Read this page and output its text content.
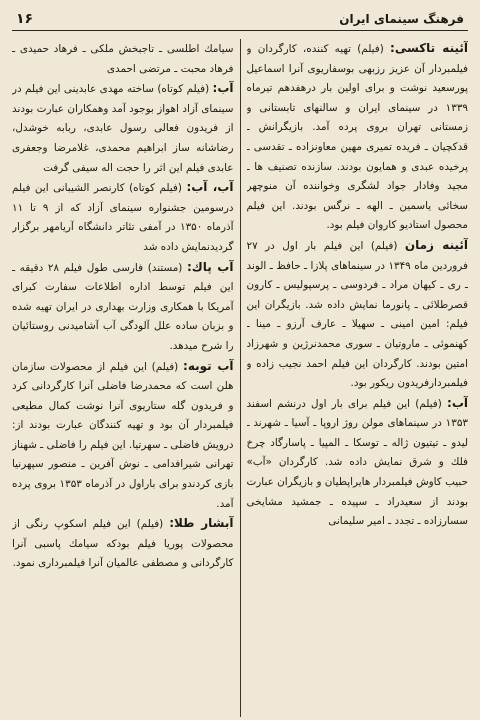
فرهنگ سینمای ایران
۱۶

آئینه تاکسی: (فیلم) تهیه کننده، کارگردان و فیلمبردار آن عزیز رزبهی بوسفاریوی آنرا اسماعیل پورسعید نوشت و برای اولین بار درهفدهم تیرماه ۱۳۳۹ در سینمای ایران و سالنهای تابستانی و زمستانی تهران بروی پرده آمد. بازیگرانش ـ قدکچیان ـ فریده تمیری مهین معاونزاده ـ تقدسی ـ پرخیده عبدی و همایون بودند. سازنده تصنیف ها ـ مجید وفادار جواد لشگری وخواننده آن منوچهر سخائی یاسمین ـ الهه ـ نرگس بودند. این فیلم محصول استادیو کاروان فیلم بود.

آئینه زمان (فیلم) این فیلم بار اول در ۲۷ فروردین ماه ۱۳۴۹ در سینماهای پلازا ـ حافظ ـ الوند ـ ری ـ کیهان مراد ـ فردوسی ـ پرسپولیس ـ کارون قصرطلائی ـ پانورما نمایش داده شد. بازیگران این فیلم: امین امینی ـ سهیلا ـ عارف آرزو ـ مینا ـ کهنموئی ـ ماروتیان ـ سوری محمدنرژین و شهرزاد امتین بودند. کارگردان این فیلم احمد نجیب زاده و فیلمبردارفریدون ریکور بود.

آب: (فیلم) این فیلم برای بار اول درنشم اسفند ۱۳۵۳ در سینماهای مولن روژ اروپا ـ آسیا ـ شهرند ـ لیدو ـ تیتیون ژاله ـ توسکا ـ المپیا ـ پاسارگاد چرخ فلك و شرق نمایش داده شد. کارگردان «آب» حبیب کاوش فیلمبردار هایراپطیان و بازیگران عبارت بودند از سعیدراد ـ سپیده ـ جمشید مشایخی سسارزاده ـ تجدد ـ امیر سلیمانی

سیامك اطلسی ـ تاجبخش ملکی ـ فرهاد حمیدی ـ فرهاد محبت ـ مرتضی احمدی

آب: (فیلم کوتاه) ساخته مهدی عابدینی این فیلم در سینمای آزاد اهواز بوجود آمد وهمکاران عبارت بودند از فریدون فعالی رسول عابدی، ربابه خوشدل، رضاشانه ساز ابراهیم محمدی، غلامرضا وجعفری عابدی فیلم این اثر را حجت اله سیفی گرفت

آب، آب: (فیلم کوتاه) کارنصر الشیبانی این فیلم درسومین جشنواره سینمای آزاد که از ۹ تا ۱۱ آذرماه ۱۳۵۰ در آمفی تئاتر دانشگاه آریامهر برگزار گردیدنمایش داده شد

آب پاك: (مستند) فارسی طول فیلم ۲۸ دقیقه ـ این فیلم توسط اداره اطلاعات سفارت کبرای آمریکا با همکاری وزارت بهداری در ایران تهیه شده و بزبان ساده علل آلودگی آب آشامیدنی روستائیان را شرح میدهد.

آب توبه: (فیلم) این فیلم از محصولات سازمان هلن است که محمدرضا فاضلی آنرا کارگردانی کرد و فریدون گله ستاریوی آنرا نوشت کمال مطیعی فیلمبردار آن بود و تهیه کنندگان عبارت بودند از: درویش فاضلی ـ سهرتیا. این فیلم را فاضلی ـ شهناز تهرانی شیرافدامی ـ نوش آفرین ـ منصور سپهرنیا بازی کردندو برای باراول در آذرماه ۱۳۵۳ بروی پرده آمد.

آبشار طلا: (فیلم) این فیلم اسکوپ رنگی از محصولات پوریا فیلم بودکه سیامك پاسبی آنرا کارگردانی و مصطفی عالمیان آنرا فیلمبرداری نمود.
